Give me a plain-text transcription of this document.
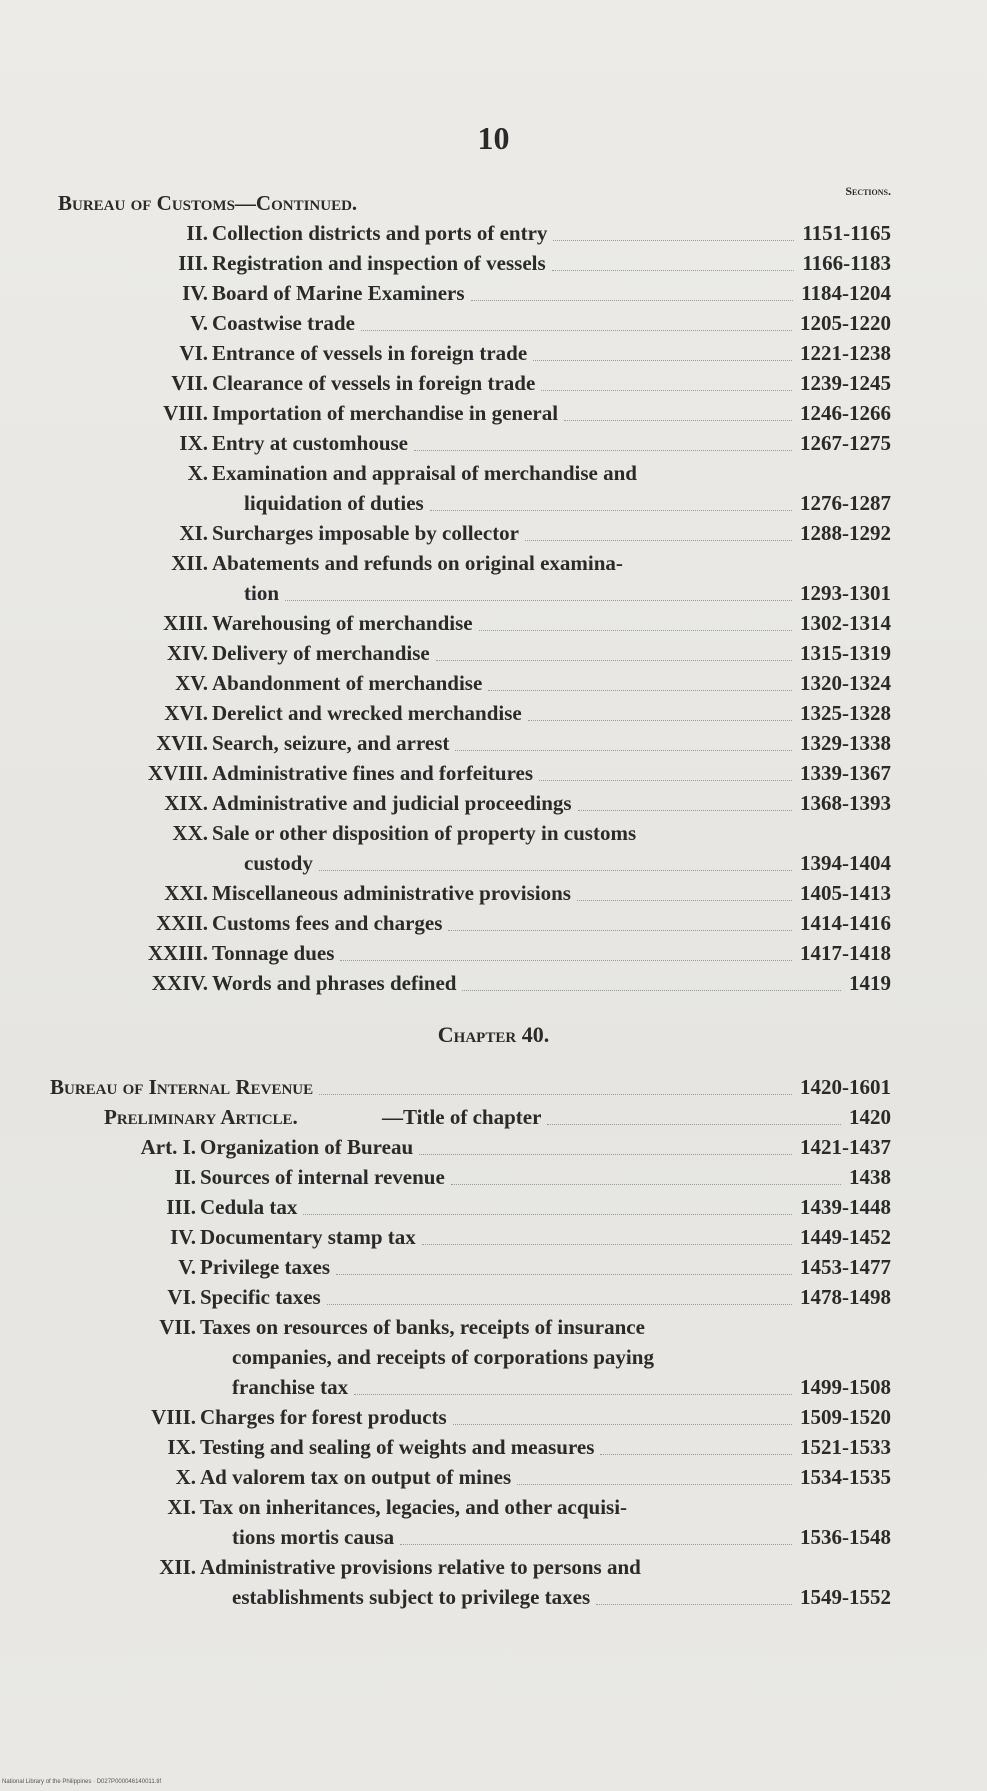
10
Bureau of Customs—Continued.	Sections.
II. Collection districts and ports of entry	1151-1165
III. Registration and inspection of vessels	1166-1183
IV. Board of Marine Examiners	1184-1204
V. Coastwise trade	1205-1220
VI. Entrance of vessels in foreign trade	1221-1238
VII. Clearance of vessels in foreign trade	1239-1245
VIII. Importation of merchandise in general	1246-1266
IX. Entry at customhouse	1267-1275
X. Examination and appraisal of merchandise and
liquidation of duties	1276-1287
XI. Surcharges imposable by collector	1288-1292
XII. Abatements and refunds on original examina-
tion	1293-1301
XIII. Warehousing of merchandise	1302-1314
XIV. Delivery of merchandise	1315-1319
XV. Abandonment of merchandise	1320-1324
XVI. Derelict and wrecked merchandise	1325-1328
XVII. Search, seizure, and arrest	1329-1338
XVIII. Administrative fines and forfeitures	1339-1367
XIX. Administrative and judicial proceedings	1368-1393
XX. Sale or other disposition of property in customs
custody	1394-1404
XXI. Miscellaneous administrative provisions	1405-1413
XXII. Customs fees and charges	1414-1416
XXIII. Tonnage dues	1417-1418
XXIV. Words and phrases defined	1419
Chapter 40.
Bureau of Internal Revenue	1420-1601
Preliminary Article.	—Title of chapter	1420
Art. I. Organization of Bureau	1421-1437
II. Sources of internal revenue	1438
III. Cedula tax	1439-1448
IV. Documentary stamp tax	1449-1452
V. Privilege taxes	1453-1477
VI. Specific taxes	1478-1498
VII. Taxes on resources of banks, receipts of insurance
companies, and receipts of corporations paying
franchise tax	1499-1508
VIII. Charges for forest products	1509-1520
IX. Testing and sealing of weights and measures	1521-1533
X. Ad valorem tax on output of mines	1534-1535
XI. Tax on inheritances, legacies, and other acquisi-
tions mortis causa	1536-1548
XII. Administrative provisions relative to persons and
establishments subject to privilege taxes	1549-1552
National Library of the Philippines · D027P000046140011.tif
